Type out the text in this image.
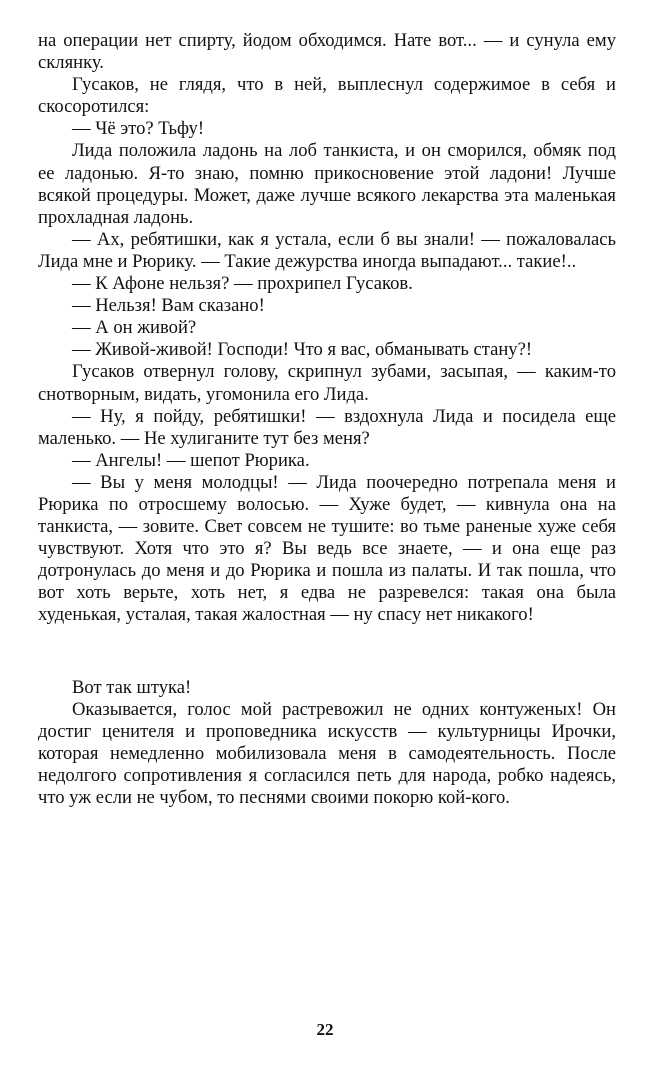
на операции нет спирту, йодом обходимся. Нате вот... — и сунула ему склянку.

Гусаков, не глядя, что в ней, выплеснул содержимое в себя и скосоротился:

— Чё это? Тьфу!

Лида положила ладонь на лоб танкиста, и он сморился, обмяк под ее ладонью. Я-то знаю, помню прикосновение этой ладони! Лучше всякой процедуры. Может, даже лучше всякого лекарства эта маленькая прохладная ладонь.

— Ах, ребятишки, как я устала, если б вы знали! — пожаловалась Лида мне и Рюрику. — Такие дежурства иногда выпадают... такие!..

— К Афоне нельзя? — прохрипел Гусаков.

— Нельзя! Вам сказано!

— А он живой?

— Живой-живой! Господи! Что я вас, обманывать стану?!

Гусаков отвернул голову, скрипнул зубами, засыпая, — каким-то снотворным, видать, угомонила его Лида.

— Ну, я пойду, ребятишки! — вздохнула Лида и посидела еще маленько. — Не хулиганите тут без меня?

— Ангелы! — шепот Рюрика.

— Вы у меня молодцы! — Лида поочередно потрепала меня и Рюрика по отросшему волосью. — Хуже будет, — кивнула она на танкиста, — зовите. Свет совсем не тушите: во тьме раненые хуже себя чувствуют. Хотя что это я? Вы ведь все знаете, — и она еще раз дотронулась до меня и до Рюрика и пошла из палаты. И так пошла, что вот хоть верьте, хоть нет, я едва не разревелся: такая она была худенькая, усталая, такая жалостная — ну спасу нет никакого!

Вот так штука!

Оказывается, голос мой растревожил не одних контуженых! Он достиг ценителя и проповедника искусств — культурницы Ирочки, которая немедленно мобилизовала меня в самодеятельность. После недолгого сопротивления я согласился петь для народа, робко надеясь, что уж если не чубом, то песнями своими покорю кой-кого.

22
